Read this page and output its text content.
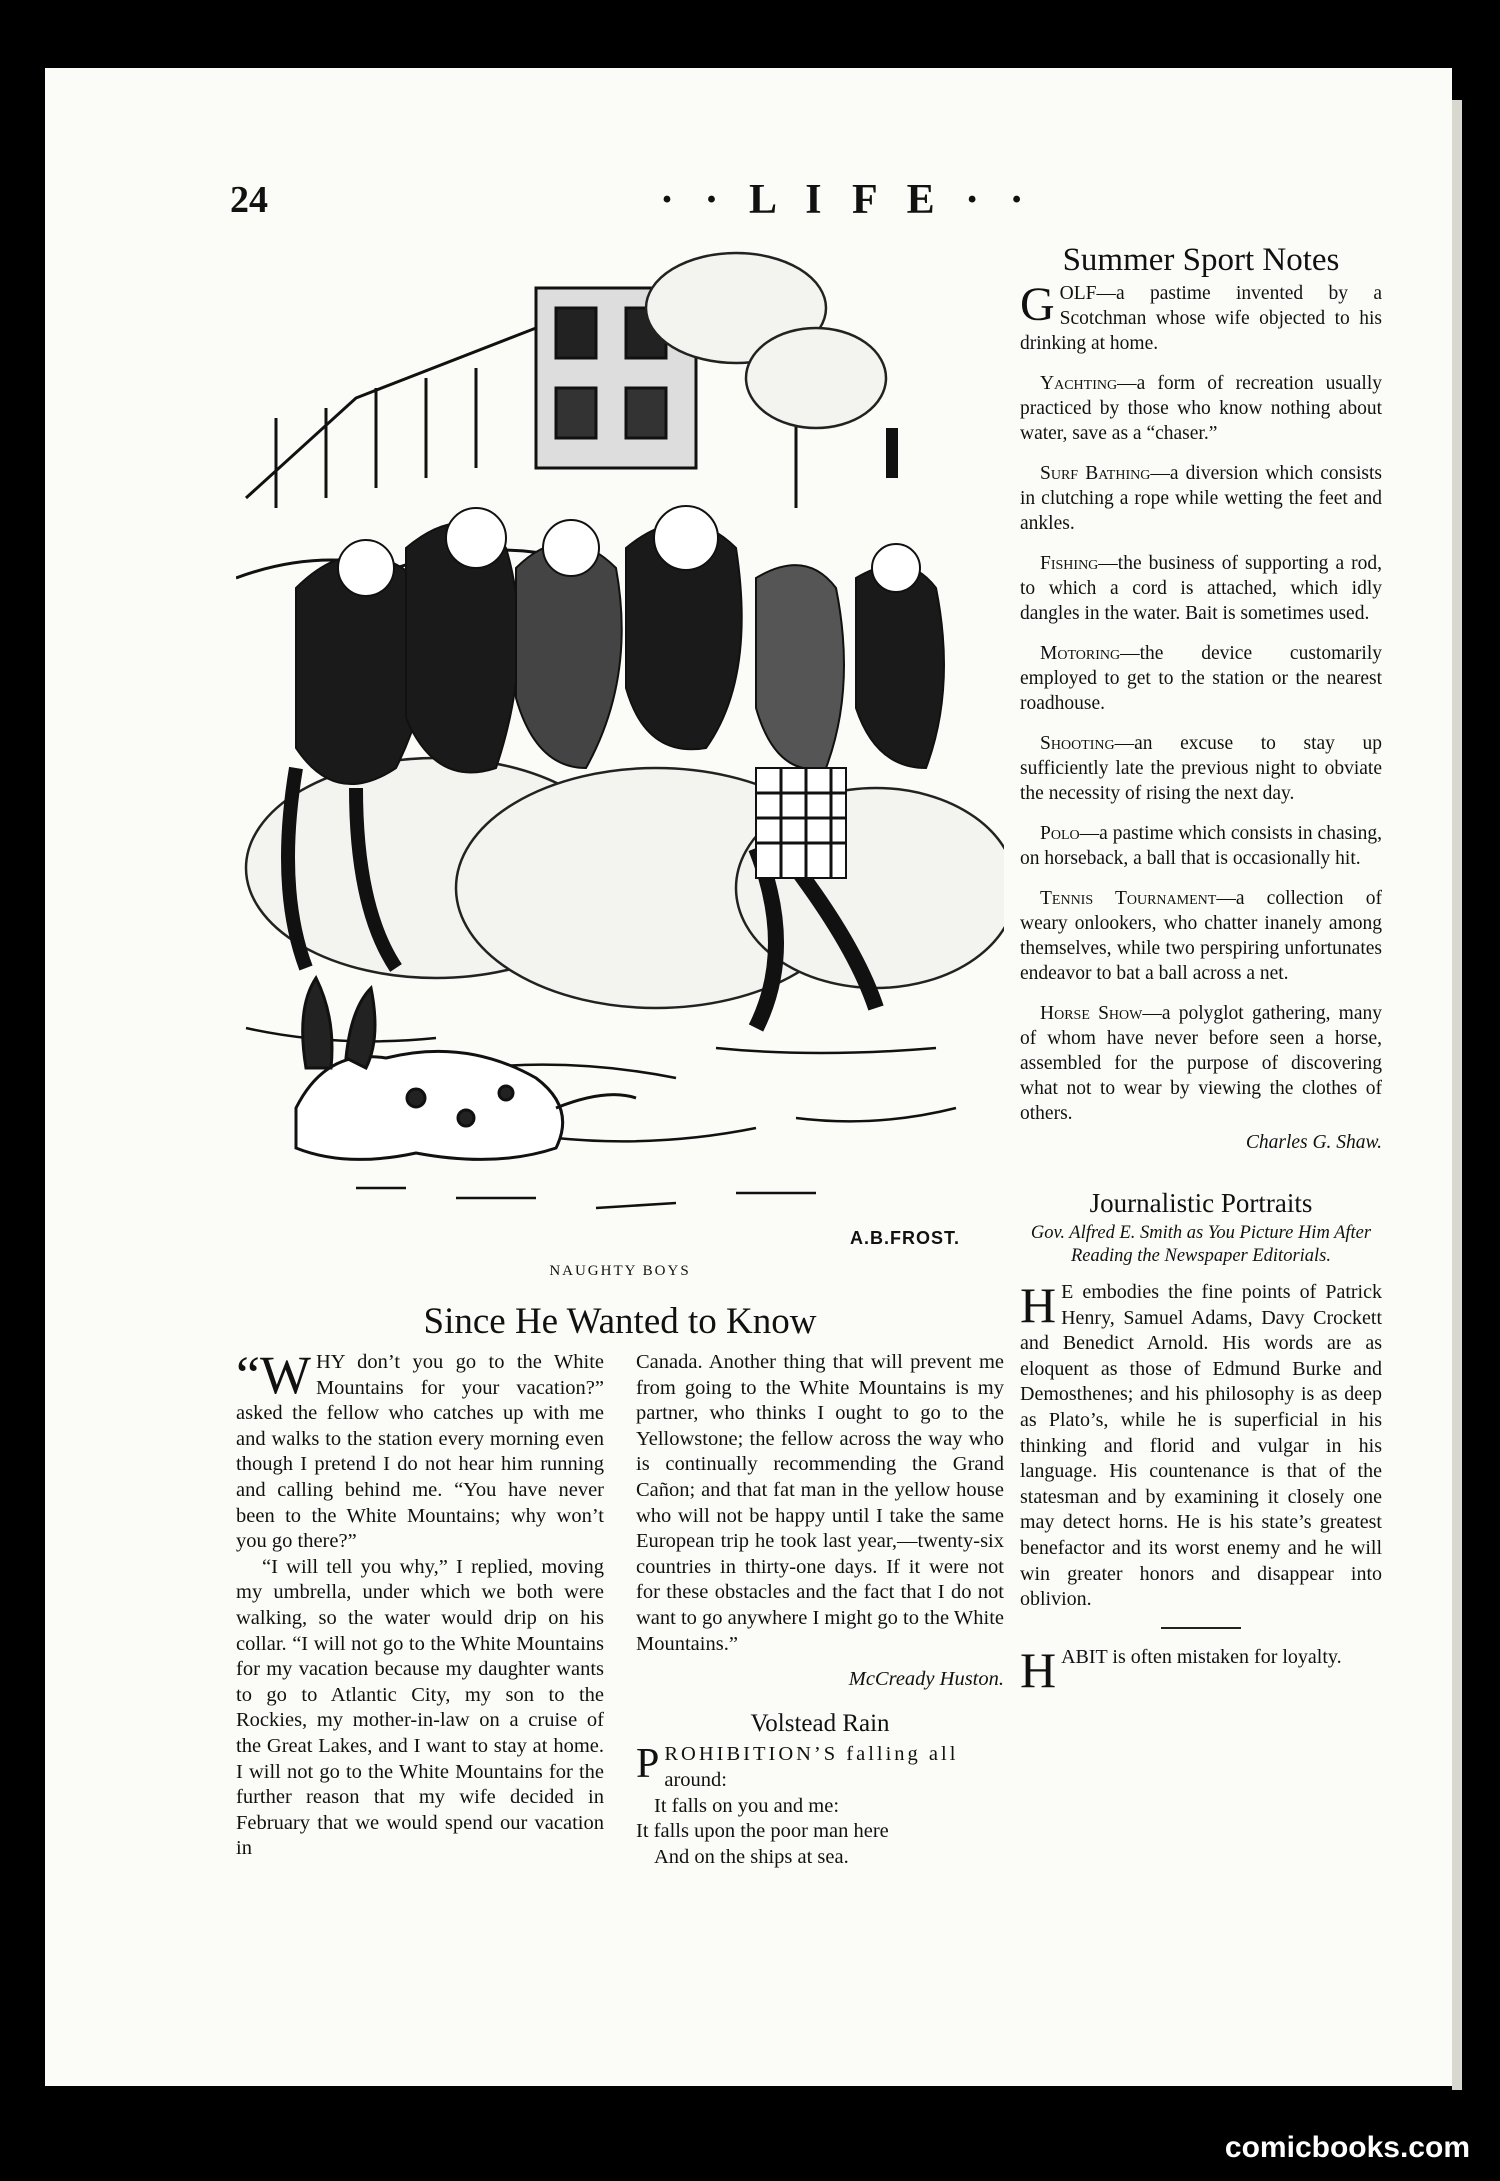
24	· · L I F E · ·
A.B.FROST.
NAUGHTY BOYS
Since He Wanted to Know

“WHY don’t you go to the White Mountains for your vacation?” asked the fellow who catches up with me and walks to the station every morning even though I pretend I do not hear him running and calling behind me. “You have never been to the White Mountains; why won’t you go there?”

“I will tell you why,” I replied, moving my umbrella, under which we both were walking, so the water would drip on his collar. “I will not go to the White Mountains for my vacation because my daughter wants to go to Atlantic City, my son to the Rockies, my mother-in-law on a cruise of the Great Lakes, and I want to stay at home. I will not go to the White Mountains for the further reason that my wife decided in February that we would spend our vacation in

Canada. Another thing that will prevent me from going to the White Mountains is my partner, who thinks I ought to go to the Yellowstone; the fellow across the way who is continually recommending the Grand Cañon; and that fat man in the yellow house who will not be happy until I take the same European trip he took last year,—twenty-six countries in thirty-one days. If it were not for these obstacles and the fact that I do not want to go anywhere I might go to the White Mountains.”

McCready Huston.
Volstead Rain
PROHIBITION’S falling all
around:
It falls on you and me:
It falls upon the poor man here
And on the ships at sea.
Summer Sport Notes

GOLF—a pastime invented by a Scotchman whose wife objected to his drinking at home.

Yachting—a form of recreation usually practiced by those who know nothing about water, save as a “chaser.”

Surf Bathing—a diversion which consists in clutching a rope while wetting the feet and ankles.

Fishing—the business of supporting a rod, to which a cord is attached, which idly dangles in the water. Bait is sometimes used.

Motoring—the device customarily employed to get to the station or the nearest roadhouse.

Shooting—an excuse to stay up sufficiently late the previous night to obviate the necessity of rising the next day.

Polo—a pastime which consists in chasing, on horseback, a ball that is occasionally hit.

Tennis Tournament—a collection of weary onlookers, who chatter inanely among themselves, while two perspiring unfortunates endeavor to bat a ball across a net.

Horse Show—a polyglot gathering, many of whom have never before seen a horse, assembled for the purpose of discovering what not to wear by viewing the clothes of others.

Charles G. Shaw.
Journalistic Portraits
Gov. Alfred E. Smith as You Picture Him After Reading the Newspaper Editorials.

H E embodies the fine points of Patrick Henry, Samuel Adams, Davy Crockett and Benedict Arnold. His words are as eloquent as those of Edmund Burke and Demosthenes; and his philosophy is as deep as Plato’s, while he is superficial in his thinking and florid and vulgar in his language. His countenance is that of the statesman and by examining it closely one may detect horns. He is his state’s greatest benefactor and its worst enemy and he will win greater honors and disappear into oblivion.

HABIT is often mistaken for loyalty.

comicbooks.com
